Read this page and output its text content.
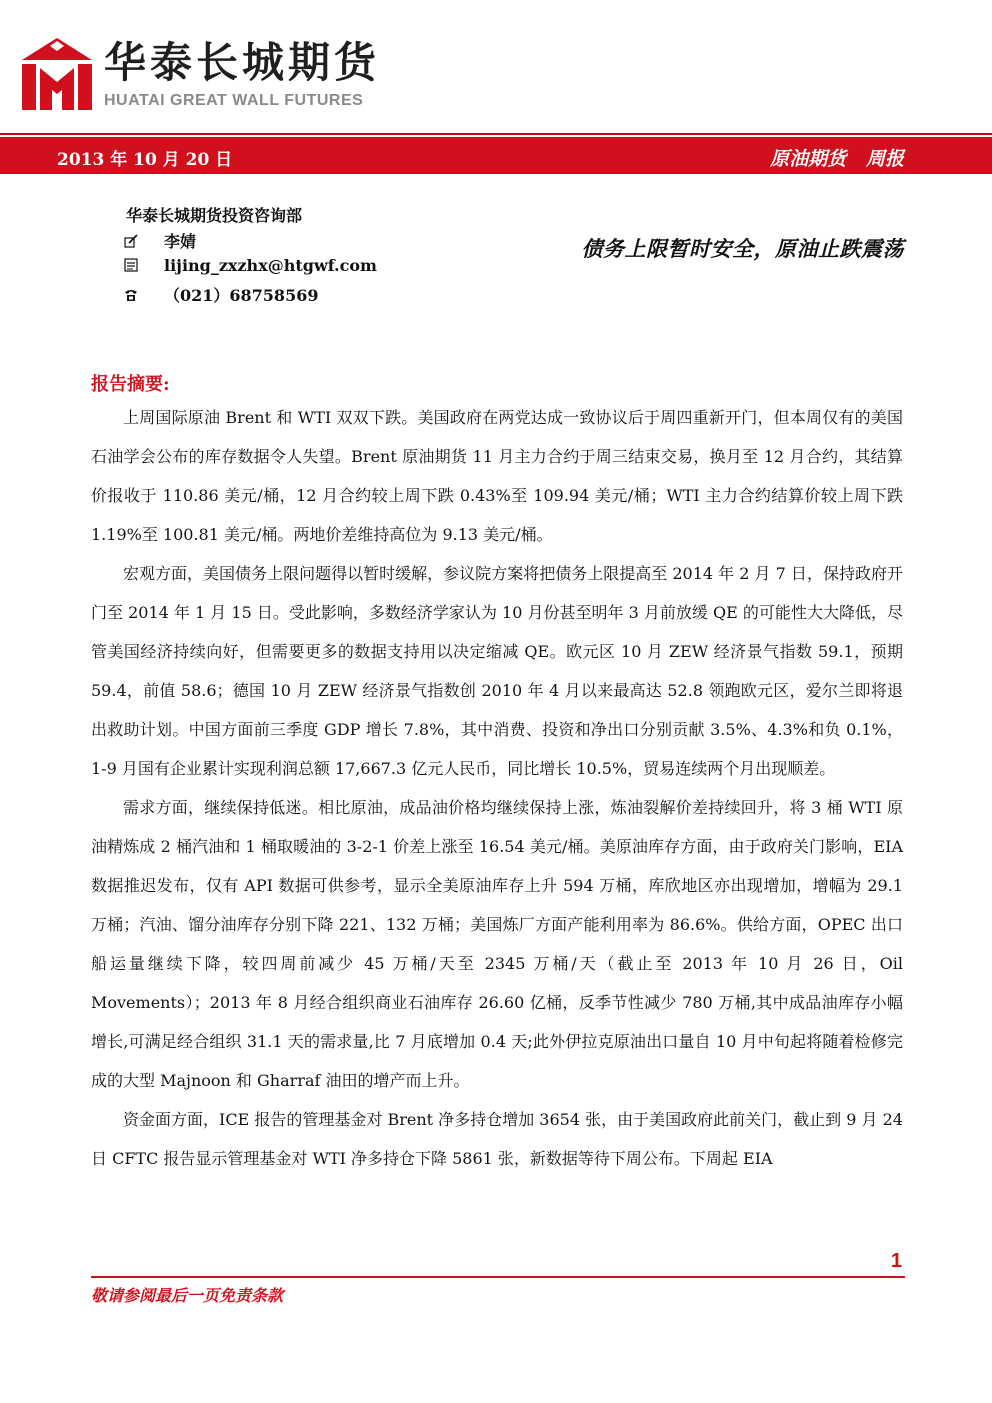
华泰长城期货
HUATAI GREAT WALL FUTURES
2013 年 10 月 20 日	原油期货 周报
华泰长城期货投资咨询部
李婧
lijing_zxzhx@htgwf.com
（021）68758569
债务上限暂时安全，原油止跌震荡
报告摘要:

上周国际原油 Brent 和 WTI 双双下跌。美国政府在两党达成一致协议后于周四重新开门，但本周仅有的美国石油学会公布的库存数据令人失望。Brent 原油期货 11 月主力合约于周三结束交易，换月至 12 月合约，其结算价报收于 110.86 美元/桶，12 月合约较上周下跌 0.43%至 109.94 美元/桶；WTI 主力合约结算价较上周下跌 1.19%至 100.81 美元/桶。两地价差维持高位为 9.13 美元/桶。

宏观方面，美国债务上限问题得以暂时缓解，参议院方案将把债务上限提高至 2014 年 2 月 7 日，保持政府开门至 2014 年 1 月 15 日。受此影响，多数经济学家认为 10 月份甚至明年 3 月前放缓 QE 的可能性大大降低，尽管美国经济持续向好，但需要更多的数据支持用以决定缩减 QE。欧元区 10 月 ZEW 经济景气指数 59.1，预期59.4，前值 58.6；德国 10 月 ZEW 经济景气指数创 2010 年 4 月以来最高达 52.8 领跑欧元区，爱尔兰即将退出救助计划。中国方面前三季度 GDP 增长 7.8%，其中消费、投资和净出口分别贡献 3.5%、4.3%和负 0.1%，1-9 月国有企业累计实现利润总额 17,667.3 亿元人民币，同比增长 10.5%，贸易连续两个月出现顺差。

需求方面，继续保持低迷。相比原油，成品油价格均继续保持上涨，炼油裂解价差持续回升，将 3 桶 WTI 原油精炼成 2 桶汽油和 1 桶取暖油的 3-2-1 价差上涨至 16.54 美元/桶。美原油库存方面，由于政府关门影响，EIA 数据推迟发布，仅有 API 数据可供参考，显示全美原油库存上升 594 万桶，库欣地区亦出现增加，增幅为 29.1 万桶；汽油、馏分油库存分别下降 221、132 万桶；美国炼厂方面产能利用率为 86.6%。供给方面，OPEC 出口船运量继续下降，较四周前减少 45 万桶/天至 2345 万桶/天（截止至 2013 年 10 月 26 日，Oil Movements）；2013 年 8 月经合组织商业石油库存 26.60 亿桶，反季节性减少 780 万桶,其中成品油库存小幅增长,可满足经合组织 31.1 天的需求量,比 7 月底增加 0.4 天;此外伊拉克原油出口量自 10 月中旬起将随着检修完成的大型 Majnoon 和 Gharraf 油田的增产而上升。

资金面方面，ICE 报告的管理基金对 Brent 净多持仓增加 3654 张，由于美国政府此前关门，截止到 9 月 24 日 CFTC 报告显示管理基金对 WTI 净多持仓下降 5861 张，新数据等待下周公布。下周起 EIA

1
敬请参阅最后一页免责条款
